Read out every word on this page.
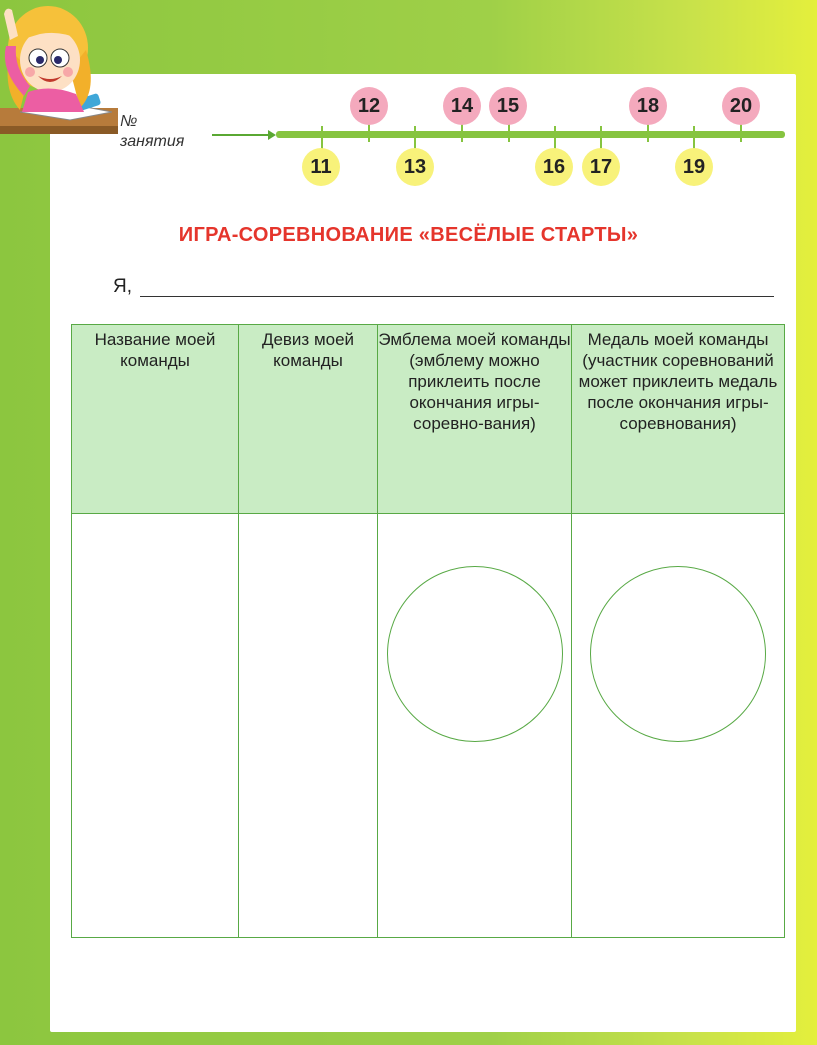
№
занятия
12	14	15	18	20
11	13	16	17	19
ИГРА-СОРЕВНОВАНИЕ «ВЕСЁЛЫЕ СТАРТЫ»
Я,
Название моей команды	Девиз моей команды	Эмблема моей команды (эмблему можно приклеить после окончания игры-соревно-вания)	Медаль моей команды (участник соревнований может приклеить медаль после окончания игры-соревнования)
